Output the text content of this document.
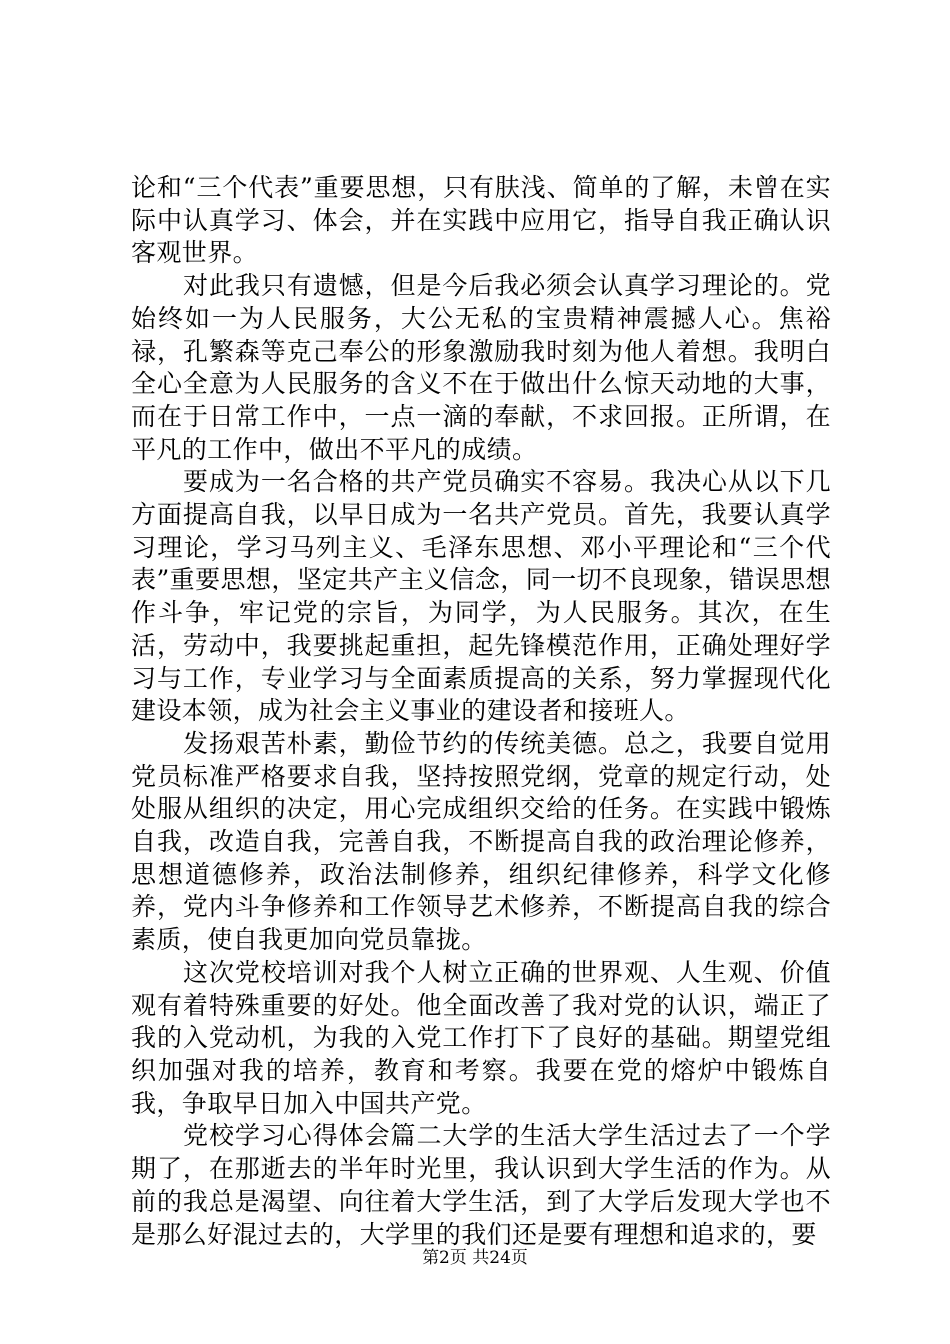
论和“三个代表”重要思想，只有肤浅、简单的了解，未曾在实际中认真学习、体会，并在实践中应用它，指导自我正确认识客观世界。

对此我只有遗憾，但是今后我必须会认真学习理论的。党始终如一为人民服务，大公无私的宝贵精神震撼人心。焦裕禄，孔繁森等克己奉公的形象激励我时刻为他人着想。我明白全心全意为人民服务的含义不在于做出什么惊天动地的大事，而在于日常工作中，一点一滴的奉献，不求回报。正所谓，在平凡的工作中，做出不平凡的成绩。

要成为一名合格的共产党员确实不容易。我决心从以下几方面提高自我，以早日成为一名共产党员。首先，我要认真学习理论，学习马列主义、毛泽东思想、邓小平理论和“三个代表”重要思想，坚定共产主义信念，同一切不良现象，错误思想作斗争，牢记党的宗旨，为同学，为人民服务。其次，在生活，劳动中，我要挑起重担，起先锋模范作用，正确处理好学习与工作，专业学习与全面素质提高的关系，努力掌握现代化建设本领，成为社会主义事业的建设者和接班人。

发扬艰苦朴素，勤俭节约的传统美德。总之，我要自觉用党员标准严格要求自我，坚持按照党纲，党章的规定行动，处处服从组织的决定，用心完成组织交给的任务。在实践中锻炼自我，改造自我，完善自我，不断提高自我的政治理论修养，思想道德修养，政治法制修养，组织纪律修养，科学文化修养，党内斗争修养和工作领导艺术修养，不断提高自我的综合素质，使自我更加向党员靠拢。

这次党校培训对我个人树立正确的世界观、人生观、价值观有着特殊重要的好处。他全面改善了我对党的认识，端正了我的入党动机，为我的入党工作打下了良好的基础。期望党组织加强对我的培养，教育和考察。我要在党的熔炉中锻炼自我，争取早日加入中国共产党。

党校学习心得体会篇二大学的生活大学生活过去了一个学期了，在那逝去的半年时光里，我认识到大学生活的作为。从前的我总是渴望、向往着大学生活，到了大学后发现大学也不是那么好混过去的，大学里的我们还是要有理想和追求的，要

第2页 共24页
